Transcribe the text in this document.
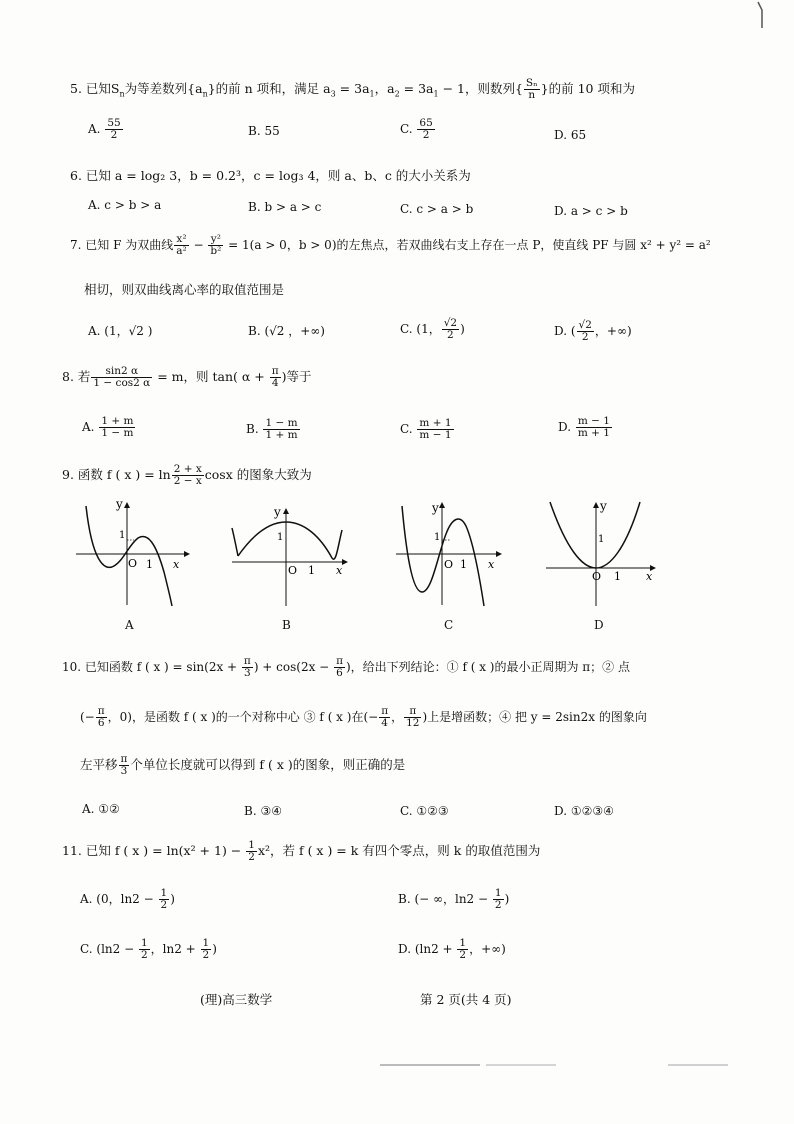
5. 已知$S_n$为等差数列$\{a_n\}$的前 n 项和，满足 $a_3 = 3a_1$，$a_2 = 3a_1 - 1$，则数列{ $\frac{\text{Sₙ}}{n}$ }的前 10 项和为
A. $\frac{55}{2}$	B. 55	C. $\frac{65}{2}$	D. 65
6. 已知 a = log₂ 3，b = 0.2³，c = log₃ 4，则 a、b、c 的大小关系为
A. c > b > a	B. b > a > c	C. c > a > b	D. a > c > b
7. 已知 F 为双曲线 $\frac{\text{x²}}{\text{a²}} - \frac{\text{y²}}{\text{b²}} = 1(a > 0$，b > 0)的左焦点，若双曲线右支上存在一点 P，使直线 PF 与圆 x² + y² = a²
相切，则双曲线离心率的取值范围是
A. (1，√2 )	B. (√2 ，+∞)	C. (1， $\frac{√2}{2}$ )	D. ( $\frac{√2}{2}$ ，+∞)
8. 若 $\frac{\sin 2 \alpha}{1 - \cos 2 \alpha} = m$，则 tan( $\alpha + \frac{\pi}{4}$ )等于
A. $\frac{1 + m}{1 - m}$	B. $\frac{1 - m}{1 + m}$	C. $\frac{m + 1}{m - 1}$	D. $\frac{m - 1}{m + 1}$
9. 函数 f ( x ) = $\ln \frac{2 + x}{2 - x}$ cosx 的图象大致为
y
1
O 1 x
A
y
1
O 1 x
B
y
1
O 1 x
C
y
1
O 1 x
D
10. 已知函数 f ( x ) = $\sin(2x + \frac{\pi}{3}$ ) + $\cos(2x - \frac{\pi}{6}$ )，给出下列结论：① f ( x )的最小正周期为 π；② 点
(− $\frac{\pi}{6}$ ，0)，是函数 f ( x )的一个对称中心 ③ f ( x )在(− $\frac{\pi}{4}$ ， $\frac{\pi}{12}$ )上是增函数；④ 把 y = 2sin2x 的图象向
左平移 $\frac{\pi}{3}$ 个单位长度就可以得到 f ( x )的图象，则正确的是
A. ①②	B. ③④	C. ①②③	D. ①②③④
11. 已知 f ( x ) = $\ln(x^2 + 1) - \frac{1}{2} x^2$，若 f ( x ) = k 有四个零点，则 k 的取值范围为
A. (0，$\ln 2 - \frac{1}{2}$ )	B. (− ∞，$\ln 2 - \frac{1}{2}$ )
C. ($\ln 2 - \frac{1}{2}$ ，$\ln 2 + \frac{1}{2}$ )	D. ($\ln 2 + \frac{1}{2}$ ，+∞)
(理)高三数学	第 2 页(共 4 页)
